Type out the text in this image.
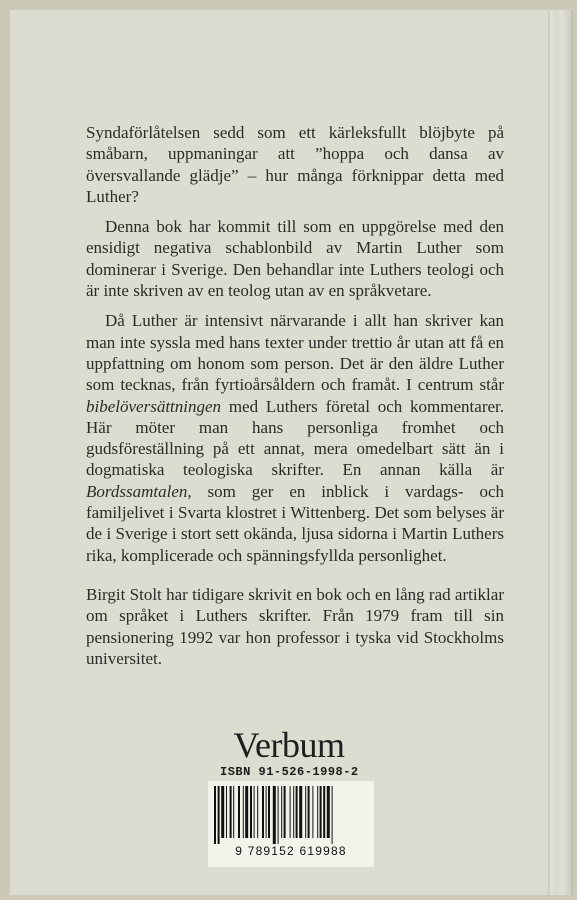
Syndaförlåtelsen sedd som ett kärleksfullt blöjbyte på småbarn, uppmaningar att ”hoppa och dansa av översvallande glädje” – hur många förknippar detta med Luther?

Denna bok har kommit till som en uppgörelse med den ensidigt negativa schablonbild av Martin Luther som dominerar i Sverige. Den behandlar inte Luthers teologi och är inte skriven av en teolog utan av en språkvetare.

Då Luther är intensivt närvarande i allt han skriver kan man inte syssla med hans texter under trettio år utan att få en uppfattning om honom som person. Det är den äldre Luther som tecknas, från fyrtioårsåldern och framåt. I centrum står bibelöversättningen med Luthers företal och kommentarer. Här möter man hans personliga fromhet och gudsföreställning på ett annat, mera omedelbart sätt än i dogmatiska teologiska skrifter. En annan källa är Bordssamtalen, som ger en inblick i vardags- och familjelivet i Svarta klostret i Wittenberg. Det som belyses är de i Sverige i stort sett okända, ljusa sidorna i Martin Luthers rika, komplicerade och spänningsfyllda personlighet.

Birgit Stolt har tidigare skrivit en bok och en lång rad artiklar om språket i Luthers skrifter. Från 1979 fram till sin pensionering 1992 var hon professor i tyska vid Stockholms universitet.

Verbum
ISBN 91-526-1998-2
9 789152 619988
